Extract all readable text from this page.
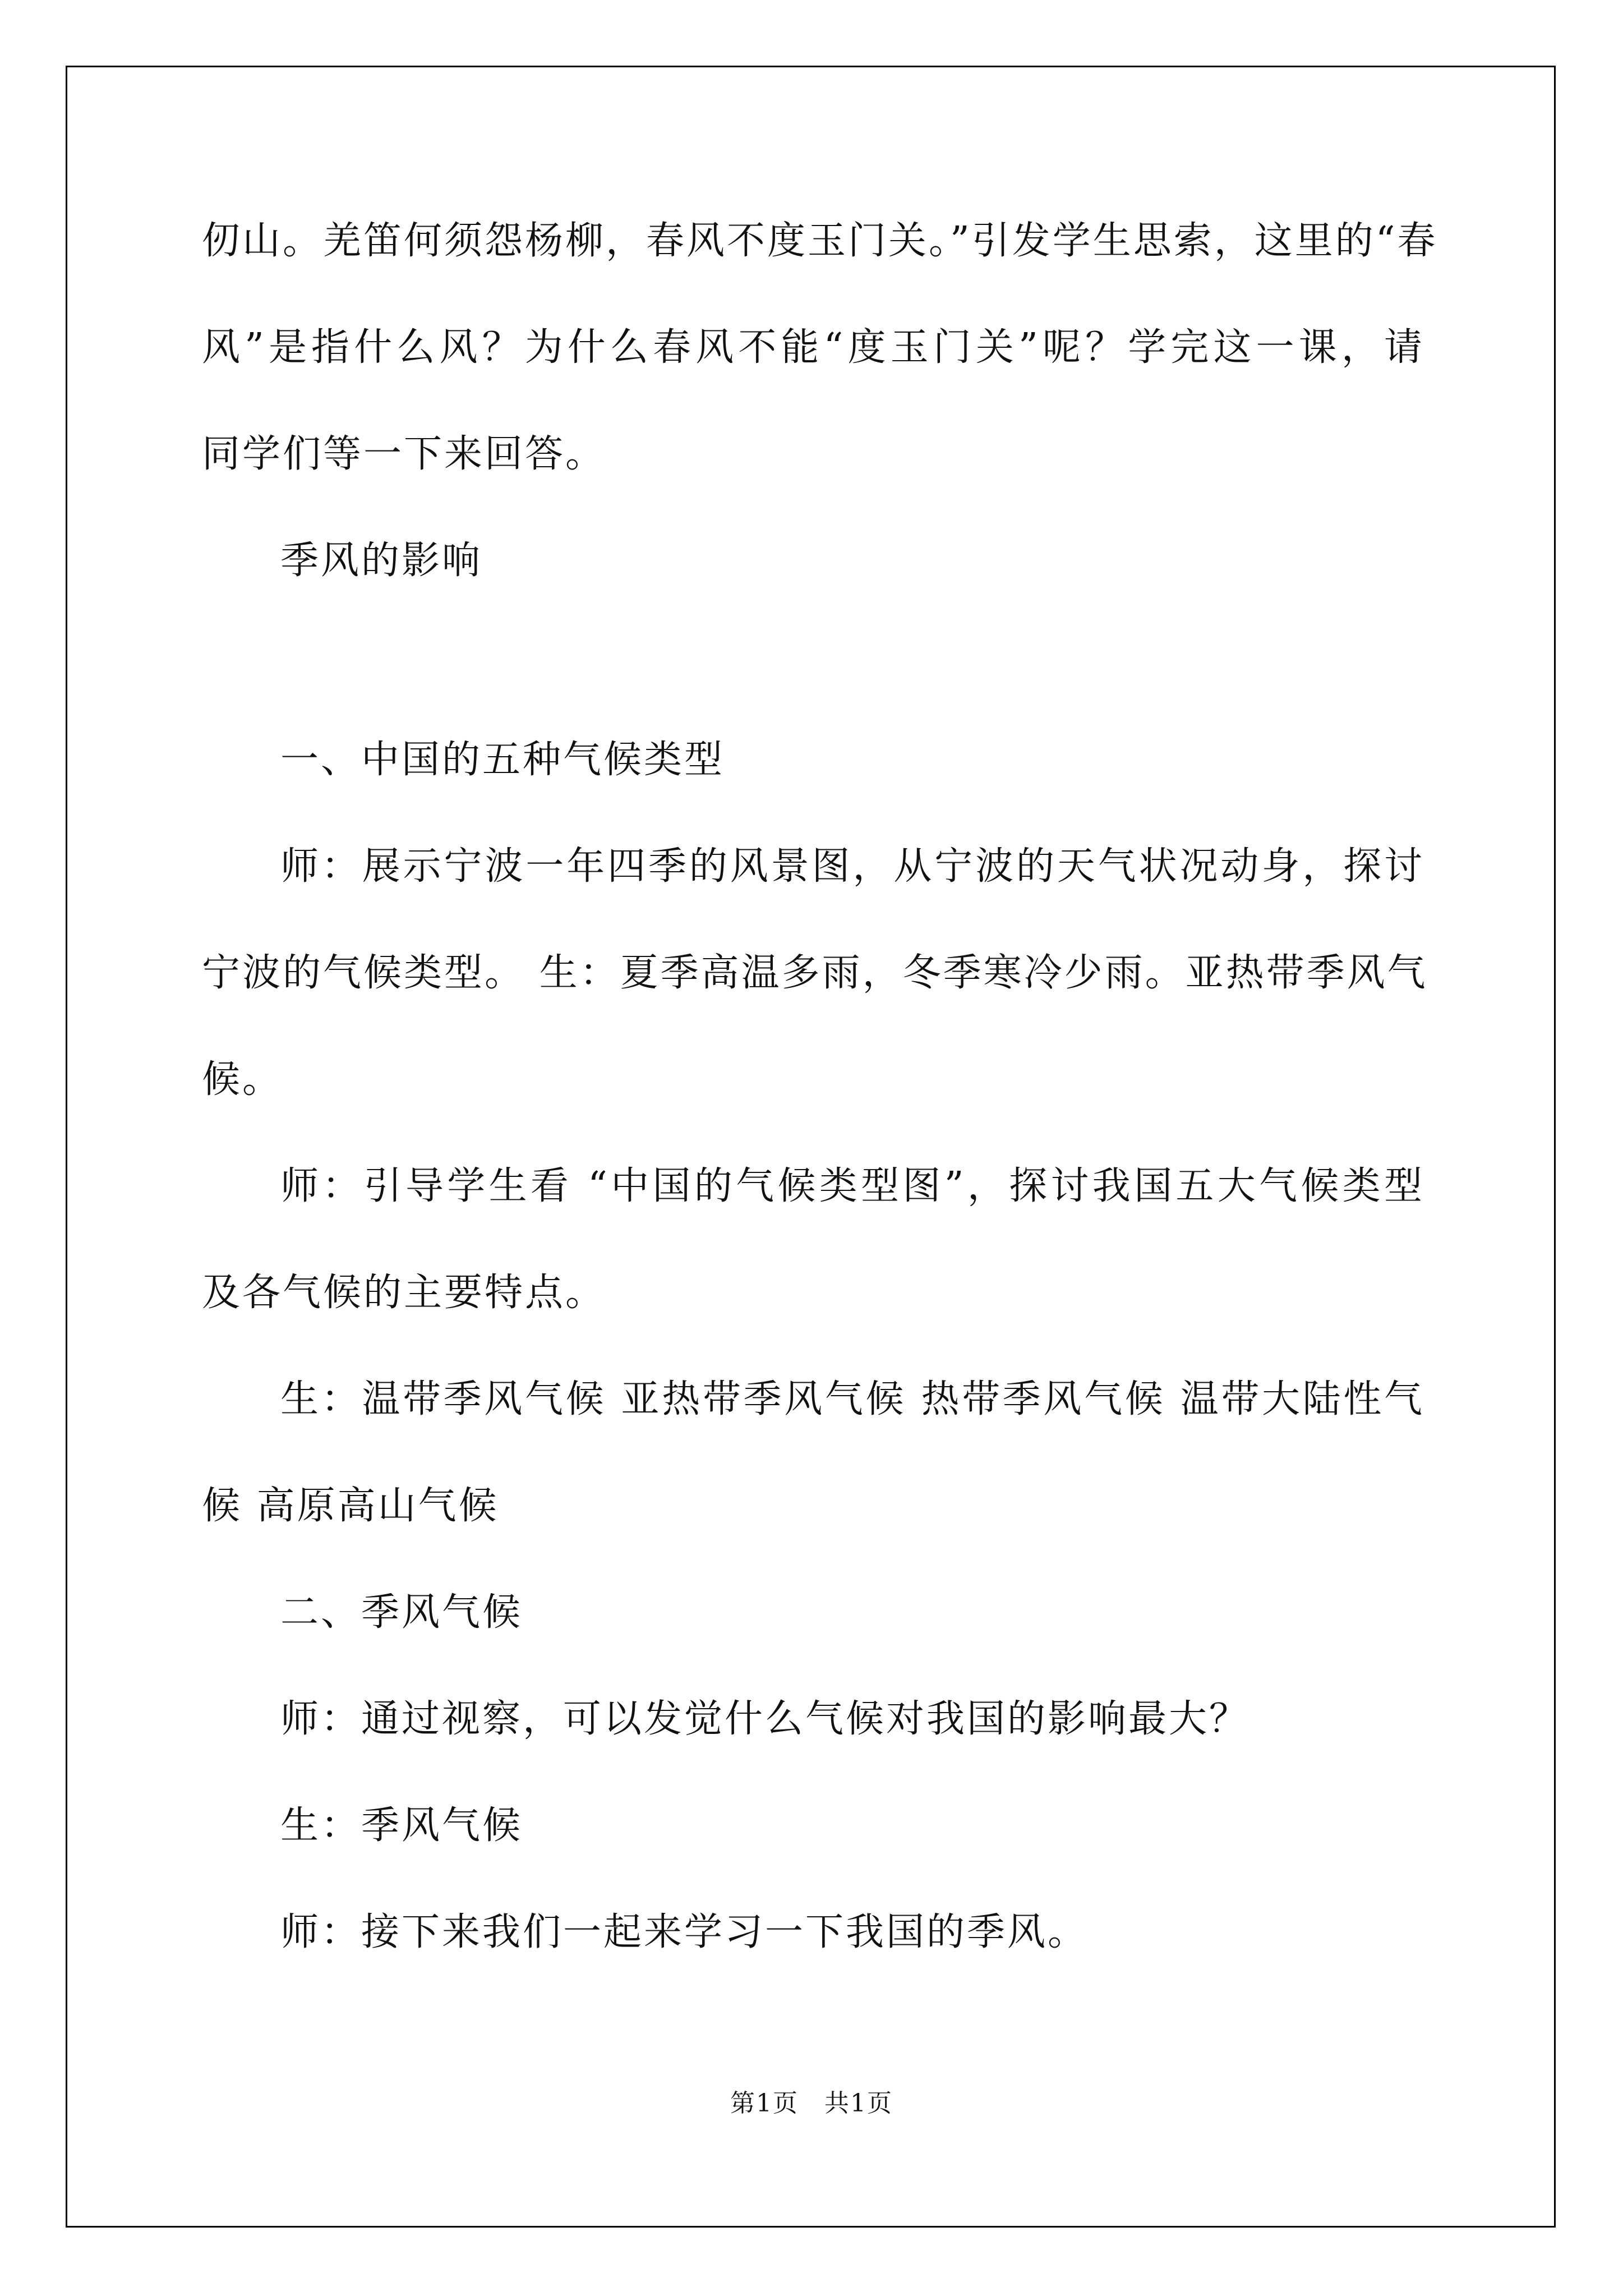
仞山。羌笛何须怨杨柳，春风不度玉门关。”引发学生思索，这里的“春
风”是指什么风？为什么春风不能“度玉门关”呢？学完这一课，请
同学们等一下来回答。
季风的影响
一、中国的五种气候类型
师：展示宁波一年四季的风景图，从宁波的天气状况动身，探讨
宁波的气候类型。 生：夏季高温多雨，冬季寒冷少雨。亚热带季风气
候。
师：引导学生看 “中国的气候类型图”，探讨我国五大气候类型
及各气候的主要特点。
生：温带季风气候 亚热带季风气候 热带季风气候 温带大陆性气
候 高原高山气候
二、季风气候
师：通过视察，可以发觉什么气候对我国的影响最大？
生：季风气候
师：接下来我们一起来学习一下我国的季风。
第1页　共1页
